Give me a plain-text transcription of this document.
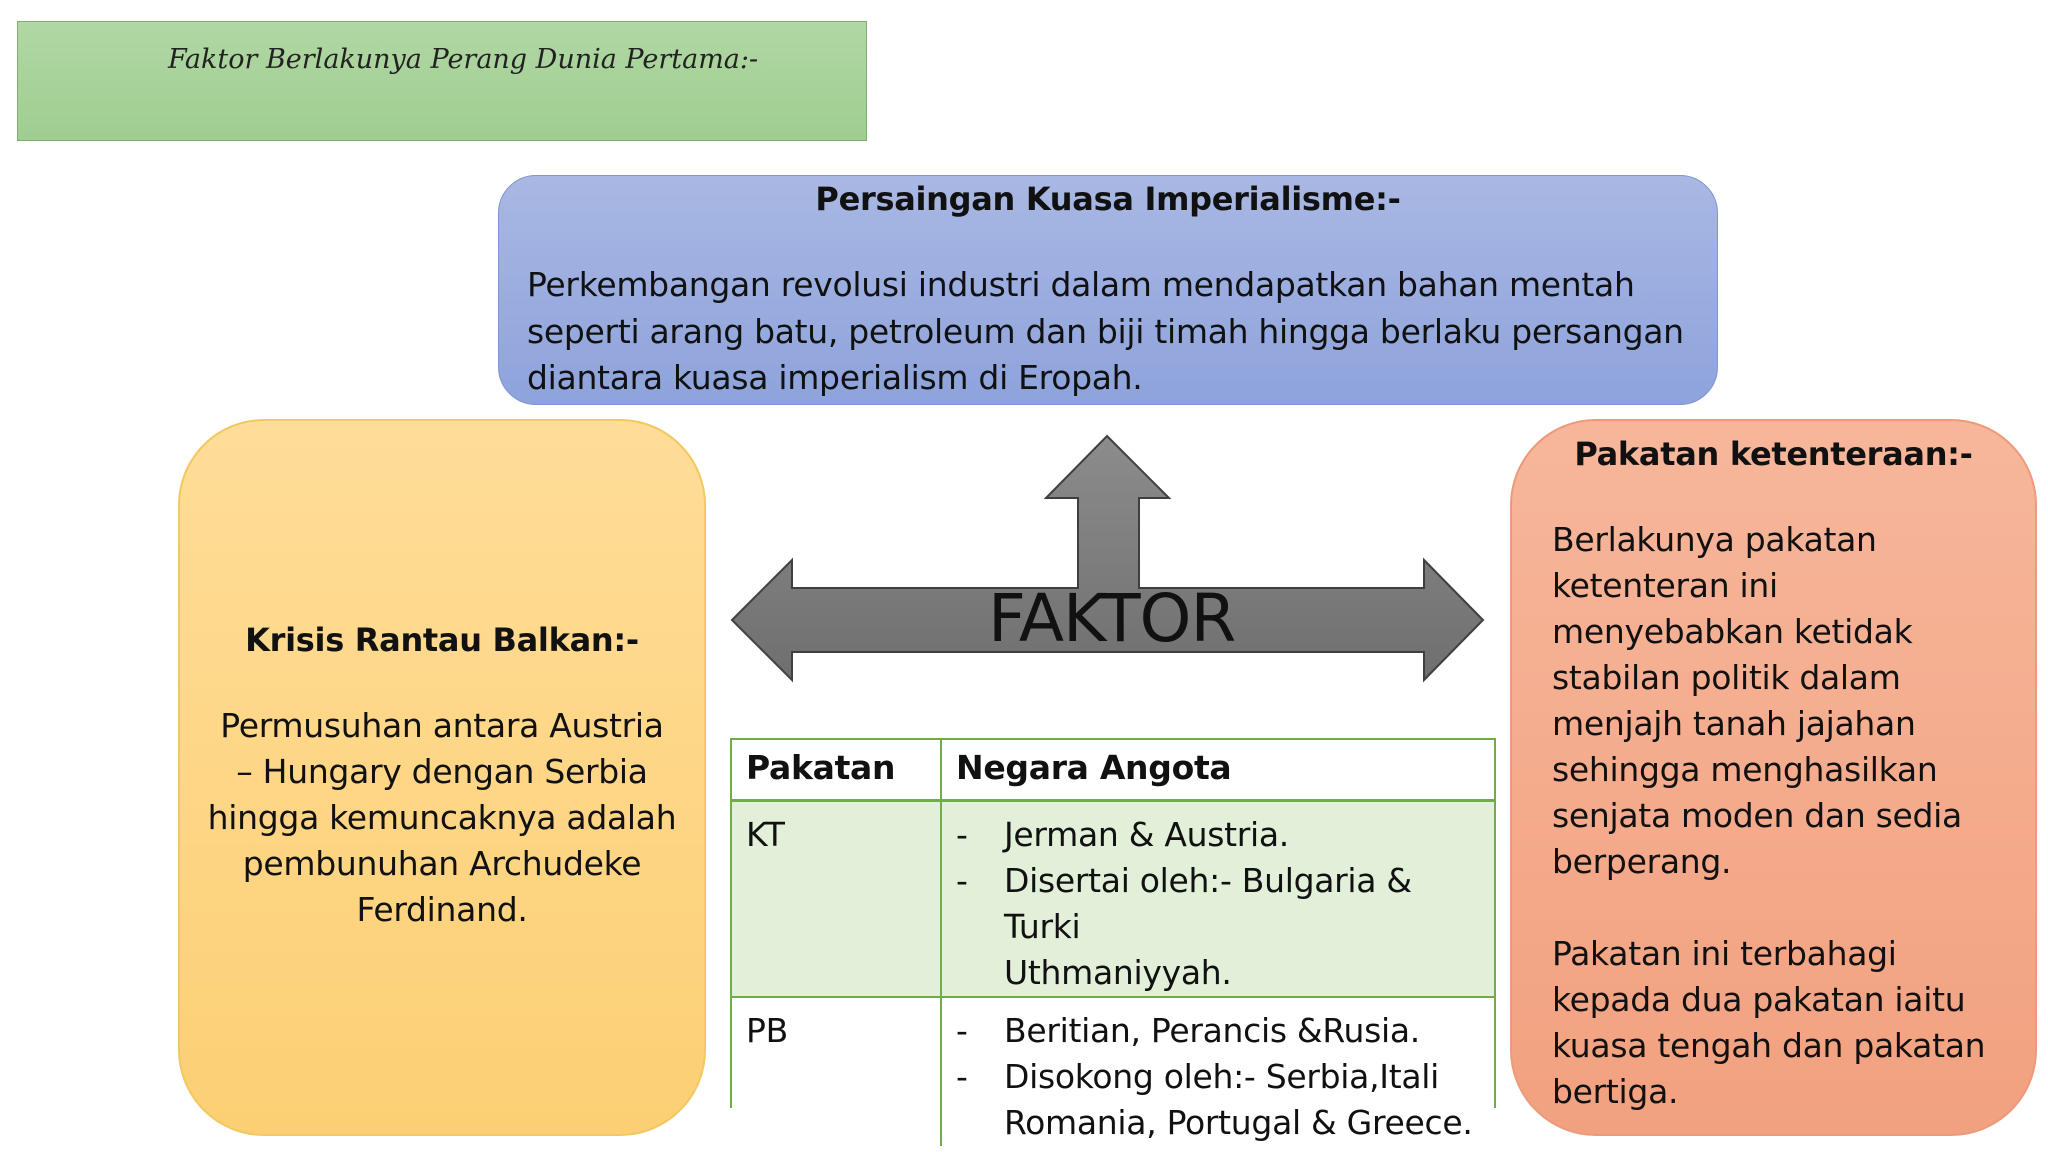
Faktor Berlakunya Perang Dunia Pertama:-
Persaingan Kuasa Imperialisme:-

Perkembangan revolusi industri dalam mendapatkan bahan mentah
seperti arang batu, petroleum dan biji timah hingga berlaku persangan
diantara kuasa imperialism di Eropah.

Krisis Rantau Balkan:-

Permusuhan antara Austria
– Hungary dengan Serbia
hingga kemuncaknya adalah
pembunuhan Archudeke
Ferdinand.

Pakatan ketenteraan:-

Berlakunya pakatan
ketenteran ini
menyebabkan ketidak
stabilan politik dalam
menjajh tanah jajahan
sehingga menghasilkan
senjata moden dan sedia
berperang.

Pakatan ini terbahagi
kepada dua pakatan iaitu
kuasa tengah dan pakatan
bertiga.

FAKTOR
Pakatan	Negara Angota
KT	- Jerman & Austria.
- Disertai oleh:- Bulgaria & Turki
Uthmaniyyah.

PB	- Beritian, Perancis &Rusia.
- Disokong oleh:- Serbia,Itali
Romania, Portugal & Greece.
